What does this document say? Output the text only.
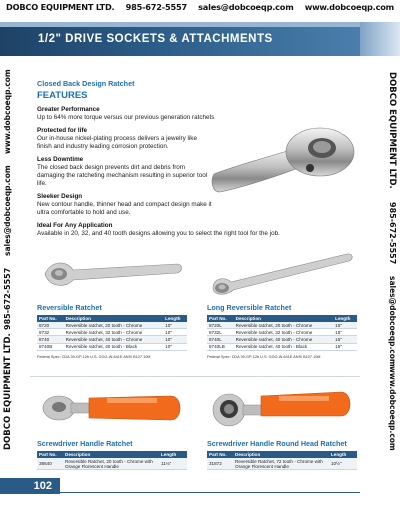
DOBCO EQUIPMENT LTD. 985-672-5557 sales@dobcoeqp.com www.dobcoeqp.com
1/2" DRIVE SOCKETS & ATTACHMENTS
www.dobcoeqp.com
sales@dobcoeqp.com
985-672-5557
DOBCO EQUIPMENT LTD.
DOBCO EQUIPMENT LTD.
985-672-5557
sales@dobcoeqp.com
www.dobcoeqp.com
Closed Back Design Ratchet
FEATURES
Greater Performance
Up to 64% more torque versus our previous generation ratchets
Protected for life
Our in-house nickel-plating process delivers a jewelry like finish and industry leading corrosion protection.
Less Downtime
The closed back design prevents dirt and debris from damaging the ratcheting mechanism resulting in superior tool life.
Sleeker Design
New contour handle, thinner head and compact design make it ultra comfortable to hold and use.
Ideal For Any Application
Available in 20, 32, and 40 tooth designs allowing you to select the right tool for the job.
Reversible Ratchet
Part No.	Description	Length
8720	Reversible ratchet, 20 tooth - Chrome	10"
8732	Reversible ratchet, 32 tooth - Chrome	10"
8740	Reversible ratchet, 40 tooth - Chrome	10"
8740B	Reversible ratchet, 40 tooth - Black	10"
Federal Spec: CDA 39-GP-12b U.S. GGG-W-641E ANSI B107.10M
Long Reversible Ratchet
Part No.	Description	Length
8720L	Reversible ratchet, 20 tooth - Chrome	15"
8732L	Reversible ratchet, 32 tooth - Chrome	15"
8740L	Reversible ratchet, 40 tooth - Chrome	15"
8740LB	Reversible ratchet, 40 tooth - Black	15"
Federal Spec: CDA 39-GP-12b U.S. GGG-W-641E ANSI B107.10M
Screwdriver Handle Ratchet
Part No.	Description	Length
38640	Reversible Ratchet, 20 tooth - Chrome with Orange Florescent Handle	11⅛"
Screwdriver Handle Round Head Ratchet
Part No.	Description	Length
31872	Reversible Ratchet, 72 tooth - Chrome with Orange Florescent Handle	10½"
102
